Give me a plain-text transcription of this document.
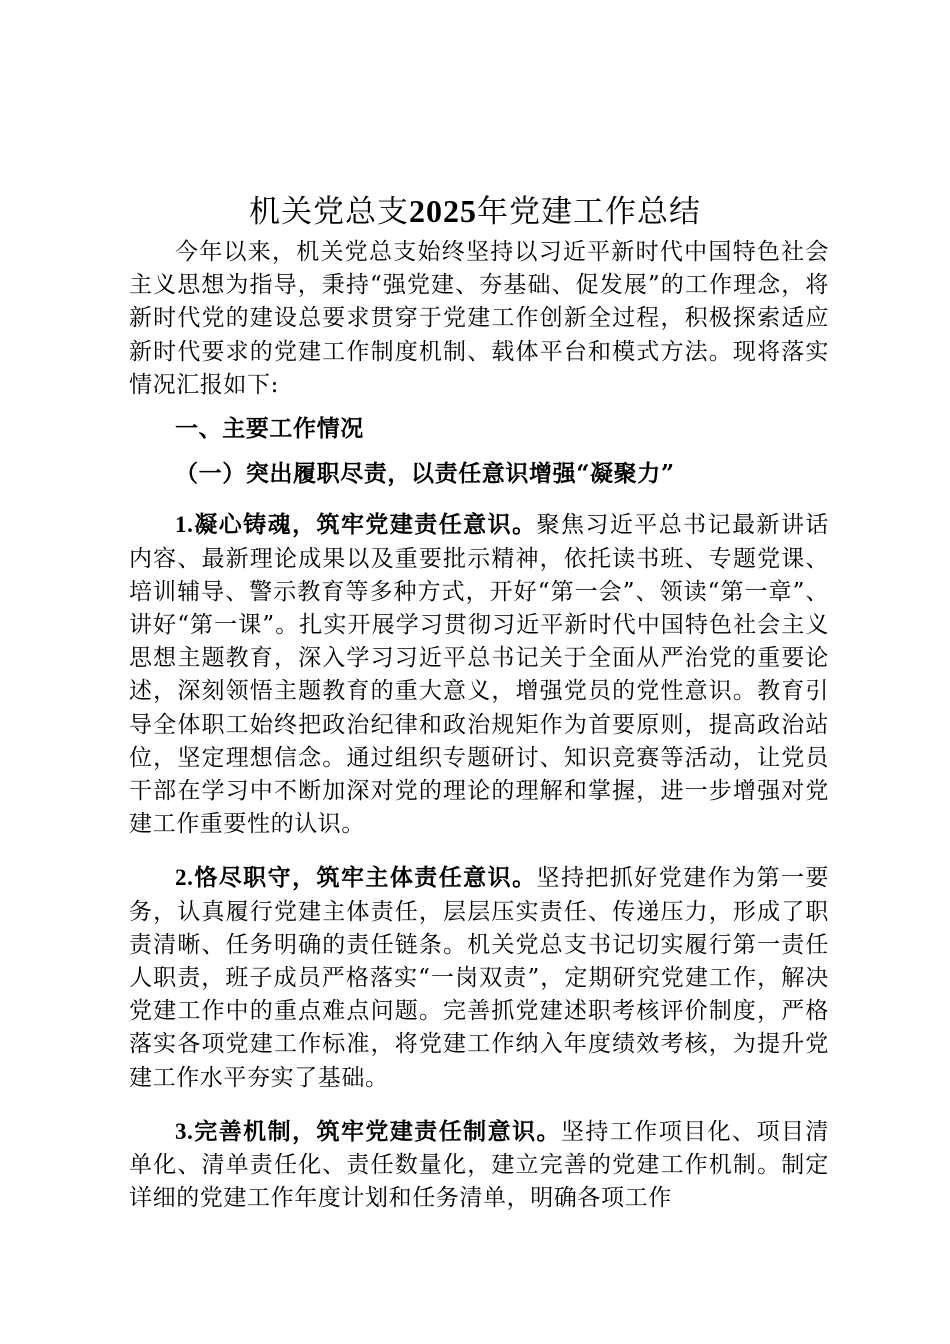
机关党总支2025年党建工作总结

今年以来，机关党总支始终坚持以习近平新时代中国特色社会主义思想为指导，秉持“强党建、夯基础、促发展”的工作理念，将新时代党的建设总要求贯穿于党建工作创新全过程，积极探索适应新时代要求的党建工作制度机制、载体平台和模式方法。现将落实情况汇报如下:

一、主要工作情况

（一）突出履职尽责，以责任意识增强“凝聚力”

1.凝心铸魂，筑牢党建责任意识。聚焦习近平总书记最新讲话内容、最新理论成果以及重要批示精神，依托读书班、专题党课、培训辅导、警示教育等多种方式，开好“第一会”、领读“第一章”、讲好“第一课”。扎实开展学习贯彻习近平新时代中国特色社会主义思想主题教育，深入学习习近平总书记关于全面从严治党的重要论述，深刻领悟主题教育的重大意义，增强党员的党性意识。教育引导全体职工始终把政治纪律和政治规矩作为首要原则，提高政治站位，坚定理想信念。通过组织专题研讨、知识竞赛等活动，让党员干部在学习中不断加深对党的理论的理解和掌握，进一步增强对党建工作重要性的认识。

2.恪尽职守，筑牢主体责任意识。坚持把抓好党建作为第一要务，认真履行党建主体责任，层层压实责任、传递压力，形成了职责清晰、任务明确的责任链条。机关党总支书记切实履行第一责任人职责，班子成员严格落实“一岗双责”，定期研究党建工作，解决党建工作中的重点难点问题。完善抓党建述职考核评价制度，严格落实各项党建工作标准，将党建工作纳入年度绩效考核，为提升党建工作水平夯实了基础。

3.完善机制，筑牢党建责任制意识。坚持工作项目化、项目清单化、清单责任化、责任数量化，建立完善的党建工作机制。制定详细的党建工作年度计划和任务清单，明确各项工作
